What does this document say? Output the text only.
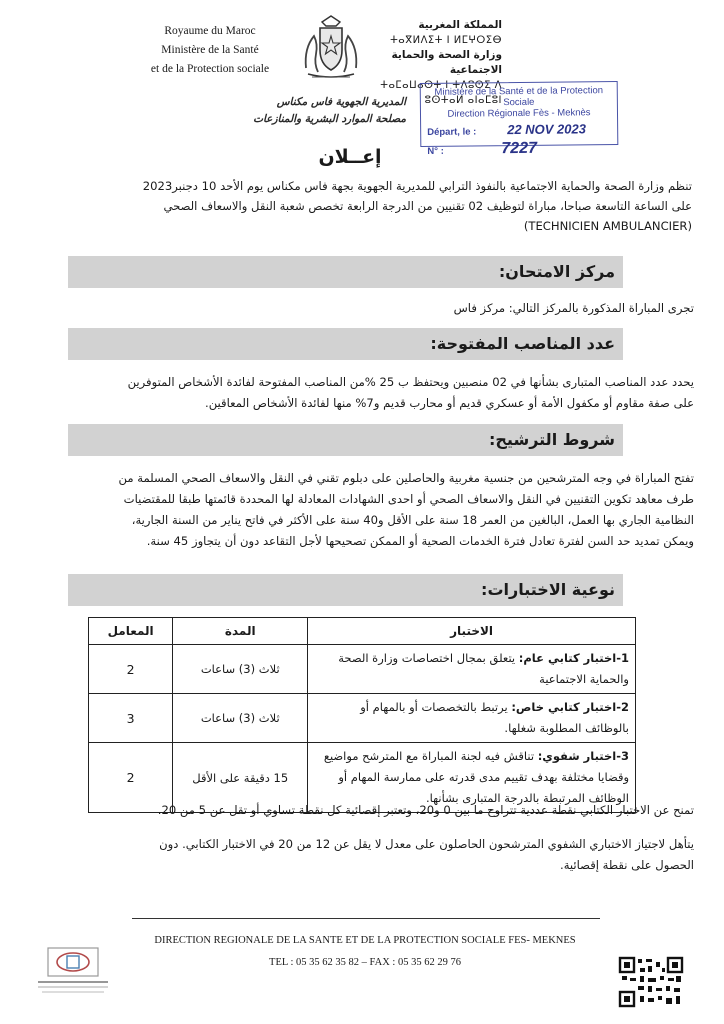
Royaume du Maroc
Ministère de la Santé
et de la Protection sociale
المملكة المغربية
ⵜⴰⴳⵍⴷⵉⵜ ⵏ ⵍⵎⵖⵔⵉⴱ
وزارة الصحة والحماية الاجتماعية
ⵜⴰⵎⴰⵡⴰⵙⵜ ⵏ ⵜⴷⵓⵙⵉ ⴷ ⵓⵙⵜⴰⵍ ⴰⵏⴰⵎⵓⵏ
المديرية الجهوية فاس مكناس
مصلحة الموارد البشرية والمنازعات
Ministère de la Santé et de la Protection Sociale
Direction Régionale Fès - Meknès
Départ, le : 22 NOV 2023
N° :	7227
إعــلان
تنظم وزارة الصحة والحماية الاجتماعية بالنفوذ الترابي للمديرية الجهوية بجهة فاس مكناس يوم الأحد 10 دجنبر2023
على الساعة التاسعة صباحا، مباراة لتوظيف 02 تقنيين من الدرجة الرابعة تخصص شعبة النقل والاسعاف الصحي
(TECHNICIEN AMBULANCIER)
مركز الامتحان:
تجرى المباراة المذكورة بالمركز التالي: مركز فاس
عدد المناصب المفتوحة:
يحدد عدد المناصب المتبارى بشأنها في 02 منصبين ويحتفظ ب 25 %من المناصب المفتوحة لفائدة الأشخاص المتوفرين
على صفة مقاوم أو مكفول الأمة أو عسكري قديم أو محارب قديم و7% منها لفائدة الأشخاص المعاقين.
شروط الترشيح:
تفتح المباراة في وجه المترشحين من جنسية مغربية والحاصلين على دبلوم تقني في النقل والاسعاف الصحي المسلمة من
طرف معاهد تكوين التقنيين في النقل والاسعاف الصحي أو احدى الشهادات المعادلة لها المحددة قائمتها طبقا للمقتضيات
النظامية الجاري بها العمل، البالغين من العمر 18 سنة على الأقل و40 سنة على الأكثر في فاتح يناير من السنة الجارية،
ويمكن تمديد حد السن لفترة تعادل فترة الخدمات الصحية أو الممكن تصحيحها لأجل التقاعد دون أن يتجاوز 45 سنة.
نوعية الاختبارات:
الاختبار	المدة	المعامل
1-اختبار كتابي عام: يتعلق بمجال اختصاصات وزارة الصحة والحماية الاجتماعية	ثلاث (3) ساعات	2
2-اختبار كتابي خاص: يرتبط بالتخصصات أو بالمهام أو بالوظائف المطلوبة شغلها.	ثلاث (3) ساعات	3
3-اختبار شفوي: تناقش فيه لجنة المباراة مع المترشح مواضيع وقضايا مختلفة بهدف تقييم مدى قدرته على ممارسة المهام أو الوظائف المرتبطة بالدرجة المتبارى بشأنها.	15 دقيقة على الأقل	2
تمنح عن الاختبار الكتابي نقطة عددية تتراوح ما بين 0 و20، وتعتبر إقصائية كل نقطة تساوي أو تقل عن 5 من 20.
يتأهل لاجتياز الاختباري الشفوي المترشحون الحاصلون على معدل لا يقل عن 12 من 20 في الاختبار الكتابي. دون
الحصول على نقطة إقصائية.
DIRECTION REGIONALE DE LA SANTE ET DE LA PROTECTION SOCIALE FES- MEKNES
TEL : 05 35 62 35 82 – FAX : 05 35 62 29 76
